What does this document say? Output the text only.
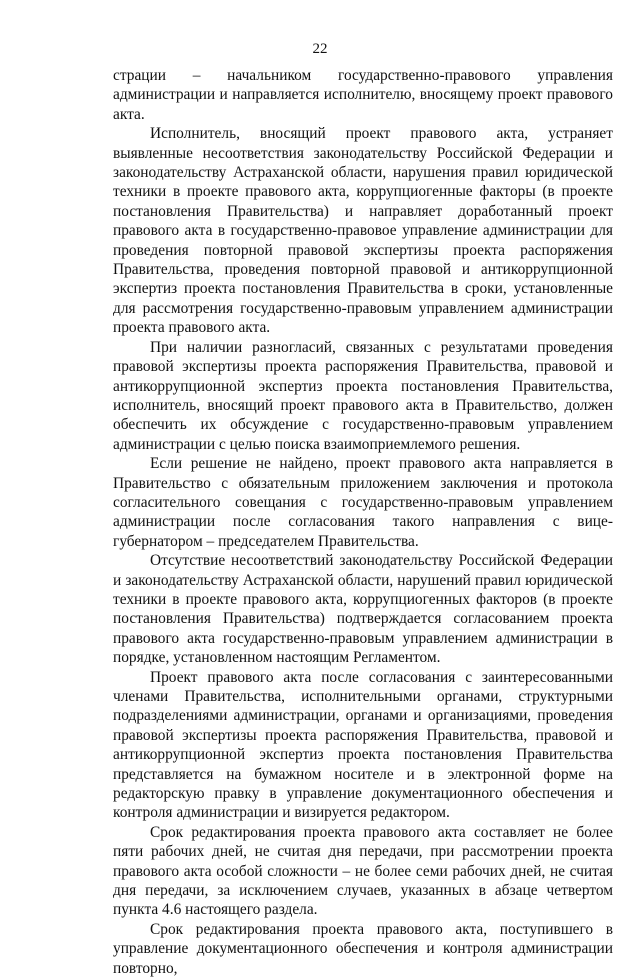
22

страции – начальником государственно-правового управления администрации и направляется исполнителю, вносящему проект правового акта.

Исполнитель, вносящий проект правового акта, устраняет выявленные несоответствия законодательству Российской Федерации и законодательству Астраханской области, нарушения правил юридической техники в проекте правового акта, коррупциогенные факторы (в проекте постановления Правительства) и направляет доработанный проект правового акта в государственно-правовое управление администрации для проведения повторной правовой экспертизы проекта распоряжения Правительства, проведения повторной правовой и антикоррупционной экспертиз проекта постановления Правительства в сроки, установленные для рассмотрения государственно-правовым управлением администрации проекта правового акта.

При наличии разногласий, связанных с результатами проведения правовой экспертизы проекта распоряжения Правительства, правовой и антикоррупционной экспертиз проекта постановления Правительства, исполнитель, вносящий проект правового акта в Правительство, должен обеспечить их обсуждение с государственно-правовым управлением администрации с целью поиска взаимоприемлемого решения.

Если решение не найдено, проект правового акта направляется в Правительство с обязательным приложением заключения и протокола согласительного совещания с государственно-правовым управлением администрации после согласования такого направления с вице-губернатором – председателем Правительства.

Отсутствие несоответствий законодательству Российской Федерации и законодательству Астраханской области, нарушений правил юридической техники в проекте правового акта, коррупциогенных факторов (в проекте постановления Правительства) подтверждается согласованием проекта правового акта государственно-правовым управлением администрации в порядке, установленном настоящим Регламентом.

Проект правового акта после согласования с заинтересованными членами Правительства, исполнительными органами, структурными подразделениями администрации, органами и организациями, проведения правовой экспертизы проекта распоряжения Правительства, правовой и антикоррупционной экспертиз проекта постановления Правительства представляется на бумажном носителе и в электронной форме на редакторскую правку в управление документационного обеспечения и контроля администрации и визируется редактором.

Срок редактирования проекта правового акта составляет не более пяти рабочих дней, не считая дня передачи, при рассмотрении проекта правового акта особой сложности – не более семи рабочих дней, не считая дня передачи, за исключением случаев, указанных в абзаце четвертом пункта 4.6 настоящего раздела.

Срок редактирования проекта правового акта, поступившего в управление документационного обеспечения и контроля администрации повторно,
